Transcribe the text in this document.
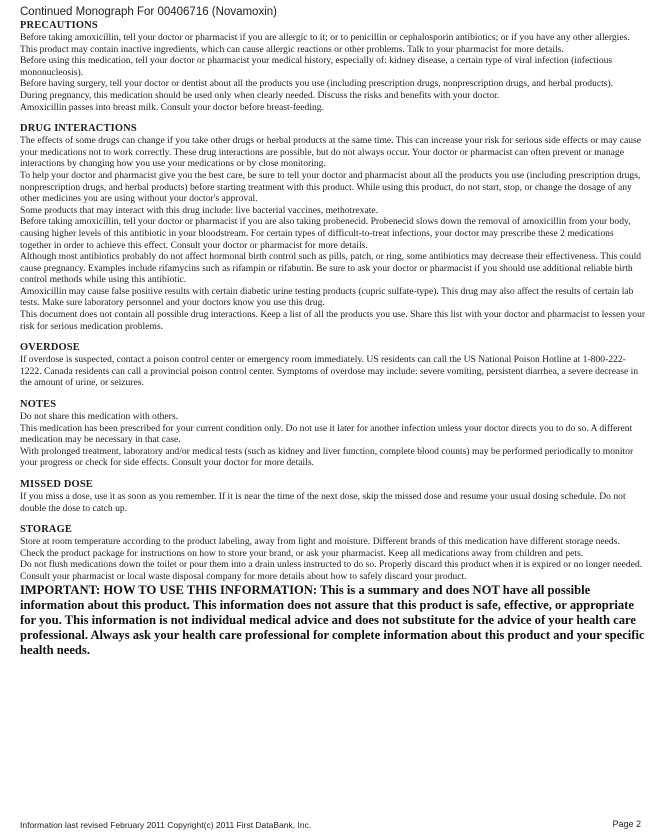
Continued Monograph For 00406716 (Novamoxin)
PRECAUTIONS

Before taking amoxicillin, tell your doctor or pharmacist if you are allergic to it; or to penicillin or cephalosporin antibiotics; or if you have any other allergies. This product may contain inactive ingredients, which can cause allergic reactions or other problems. Talk to your pharmacist for more details.

Before using this medication, tell your doctor or pharmacist your medical history, especially of: kidney disease, a certain type of viral infection (infectious mononucleosis).

Before having surgery, tell your doctor or dentist about all the products you use (including prescription drugs, nonprescription drugs, and herbal products).

During pregnancy, this medication should be used only when clearly needed. Discuss the risks and benefits with your doctor.

Amoxicillin passes into breast milk. Consult your doctor before breast-feeding.

DRUG INTERACTIONS

The effects of some drugs can change if you take other drugs or herbal products at the same time. This can increase your risk for serious side effects or may cause your medications not to work correctly. These drug interactions are possible, but do not always occur. Your doctor or pharmacist can often prevent or manage interactions by changing how you use your medications or by close monitoring.

To help your doctor and pharmacist give you the best care, be sure to tell your doctor and pharmacist about all the products you use (including prescription drugs, nonprescription drugs, and herbal products) before starting treatment with this product. While using this product, do not start, stop, or change the dosage of any other medicines you are using without your doctor's approval.

Some products that may interact with this drug include: live bacterial vaccines, methotrexate.

Before taking amoxicillin, tell your doctor or pharmacist if you are also taking probenecid. Probenecid slows down the removal of amoxicillin from your body, causing higher levels of this antibiotic in your bloodstream. For certain types of difficult-to-treat infections, your doctor may prescribe these 2 medications together in order to achieve this effect. Consult your doctor or pharmacist for more details.

Although most antibiotics probably do not affect hormonal birth control such as pills, patch, or ring, some antibiotics may decrease their effectiveness. This could cause pregnancy. Examples include rifamycins such as rifampin or rifabutin. Be sure to ask your doctor or pharmacist if you should use additional reliable birth control methods while using this antibiotic.

Amoxicillin may cause false positive results with certain diabetic urine testing products (cupric sulfate-type). This drug may also affect the results of certain lab tests. Make sure laboratory personnel and your doctors know you use this drug.

This document does not contain all possible drug interactions. Keep a list of all the products you use. Share this list with your doctor and pharmacist to lessen your risk for serious medication problems.

OVERDOSE

If overdose is suspected, contact a poison control center or emergency room immediately. US residents can call the US National Poison Hotline at 1-800-222-1222. Canada residents can call a provincial poison control center. Symptoms of overdose may include: severe vomiting, persistent diarrhea, a severe decrease in the amount of urine, or seizures.

NOTES

Do not share this medication with others.

This medication has been prescribed for your current condition only. Do not use it later for another infection unless your doctor directs you to do so. A different medication may be necessary in that case.

With prolonged treatment, laboratory and/or medical tests (such as kidney and liver function, complete blood counts) may be performed periodically to monitor your progress or check for side effects. Consult your doctor for more details.

MISSED DOSE

If you miss a dose, use it as soon as you remember. If it is near the time of the next dose, skip the missed dose and resume your usual dosing schedule. Do not double the dose to catch up.

STORAGE

Store at room temperature according to the product labeling, away from light and moisture. Different brands of this medication have different storage needs. Check the product package for instructions on how to store your brand, or ask your pharmacist. Keep all medications away from children and pets.

Do not flush medications down the toilet or pour them into a drain unless instructed to do so. Properly discard this product when it is expired or no longer needed. Consult your pharmacist or local waste disposal company for more details about how to safely discard your product.

IMPORTANT: HOW TO USE THIS INFORMATION: This is a summary and does NOT have all possible information about this product. This information does not assure that this product is safe, effective, or appropriate for you. This information is not individual medical advice and does not substitute for the advice of your health care professional. Always ask your health care professional for complete information about this product and your specific health needs.
Information last revised February 2011 Copyright(c) 2011 First DataBank, Inc.	Page 2
